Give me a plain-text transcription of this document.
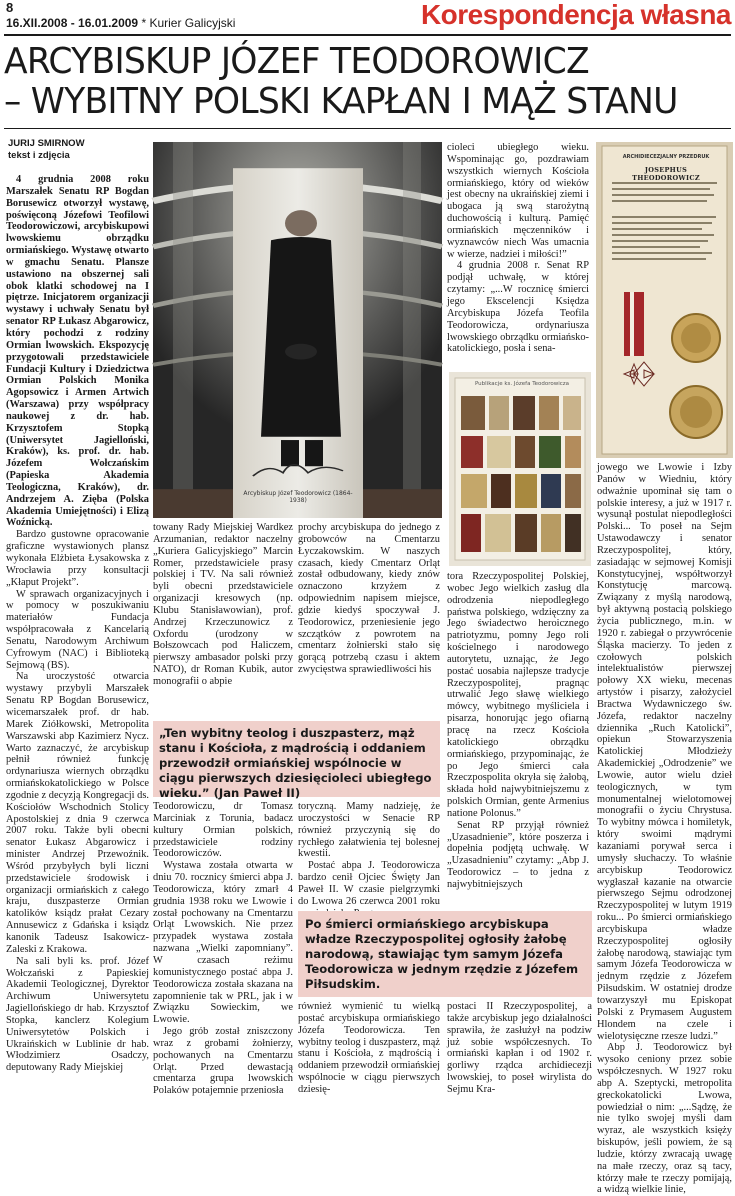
8
16.XII.2008 - 16.01.2009 * Kurier Galicyjski	Korespondencja własna
ARCYBISKUP JÓZEF TEODOROWICZ
– WYBITNY POLSKI KAPŁAN I MĄŻ STANU
JURIJ SMIRNOW
tekst i zdjęcia

4 grudnia 2008 roku Marszałek Senatu RP Bogdan Borusewicz otworzył wystawę, poświęconą Józefowi Teofilowi Teodorowiczowi, arcybiskupowi lwowskiemu obrządku ormiańskiego. Wystawę otwarto w gmachu Senatu. Plansze ustawiono na obszernej sali obok klatki schodowej na I piętrze. Inicjatorem organizacji wystawy i uchwały Senatu był senator RP Łukasz Abgarowicz, który pochodzi z rodziny Ormian lwowskich. Ekspozycję przygotowali przedstawiciele Fundacji Kultury i Dziedzictwa Ormian Polskich Monika Agopsowicz i Armen Artwich (Warszawa) przy współpracy naukowej z dr. hab. Krzysztofem Stopką (Uniwersytet Jagielloński, Kraków), ks. prof. dr. hab. Józefem Wołczańskim (Papieska Akademia Teologiczna, Kraków), dr. Andrzejem A. Zięba (Polska Akademia Umiejętności) i Elizą Woźnicką.

Bardzo gustowne opracowanie graficzne wystawionych plansz wykonała Elżbieta Łysakowska z Wrocławia przy konsultacji „Kłaput Projekt”.

W sprawach organizacyjnych i w pomocy w poszukiwaniu materiałów Fundacja współpracowała z Kancelarią Senatu, Narodowym Archiwum Cyfrowym (NAC) i Biblioteką Sejmową (BS).

Na uroczystość otwarcia wystawy przybyli Marszałek Senatu RP Bogdan Borusewicz, wicemarszałek prof. dr hab. Marek Ziółkowski, Metropolita Warszawski abp Kazimierz Nycz. Warto zaznaczyć, że arcybiskup pełnił również funkcję ordynariusza wiernych obrządku ormiańskokatolickiego w Polsce zgodnie z decyzją Kongregacji ds. Kościołów Wschodnich Stolicy Apostolskiej z dnia 9 czerwca 2007 roku. Także byli obecni senator Łukasz Abgarowicz i minister Andrzej Przewoźnik. Wśród przybyłych byli liczni przedstawiciele środowisk i organizacji ormiańskich z całego kraju, duszpasterze Ormian katolików ksiądz prałat Cezary Annusewicz z Gdańska i ksiądz kanonik Tadeusz Isakowicz-Zaleski z Krakowa.

Na sali byli ks. prof. Józef Wołczański z Papieskiej Akademii Teologicznej, Dyrektor Archiwum Uniwersytetu Jagiellońskiego dr hab. Krzysztof Stopka, kanclerz Kolegium Uniwersytetów Polskich i Ukraińskich w Lublinie dr hab. Włodzimierz Osadczy, deputowany Rady Miejskiej

Arcybiskup Józef Teodorowicz (1864-1938)
„Ten wybitny teolog i duszpasterz, mąż stanu i Kościoła, z mądrością i oddaniem przewodził ormiańskiej wspólnocie w ciągu pierwszych dziesięcioleci ubiegłego wieku.” (Jan Paweł II)

Teodorowiczu, dr Tomasz Marciniak z Torunia, badacz kultury Ormian polskich, przedstawiciele rodziny Teodorowiczów.

Wystawa została otwarta w dniu 70. rocznicy śmierci abpa J. Teodorowicza, który zmarł 4 grudnia 1938 roku we Lwowie i został pochowany na Cmentarzu Orląt Lwowskich. Nie przez przypadek wystawa została nazwana „Wielki zapomniany”. W czasach reżimu komunistycznego postać abpa J. Teodorowicza została skazana na zapomnienie tak w PRL, jak i w Związku Sowieckim, we Lwowie.

Jego grób został zniszczony wraz z grobami żołnierzy, pochowanych na Cmentarzu Orląt. Przed dewastacją cmentarza grupa lwowskich Polaków potajemnie przeniosła

toryczną. Mamy nadzieję, że uroczystości w Senacie RP również przyczynią się do rychłego załatwienia tej bolesnej kwestii.

Postać abpa J. Teodorowicza bardzo cenił Ojciec Święty Jan Paweł II. W czasie pielgrzymki do Lwowa 26 czerwca 2001 roku

Po śmierci ormiańskiego arcybiskupa władze Rzeczypospolitej ogłosiły żałobę narodową, stawiając tym samym Józefa Teodorowicza w jednym rzędzie z Józefem Piłsudskim.

również wymienić tu wielką postać arcybiskupa ormiańskiego Józefa Teodorowicza. Ten wybitny teolog i duszpasterz, mąż stanu i Kościoła, z mądrością i oddaniem przewodził ormiańskiej wspólnocie w ciągu pierwszych dziesię-

cioleci ubiegłego wieku. Wspominając go, pozdrawiam wszystkich wiernych Kościoła ormiańskiego, który od wieków jest obecny na ukraińskiej ziemi i ubogaca ją swą starożytną duchowością i kulturą. Pamięć ormiańskich męczenników i wyznawców niech Was umacnia w wierze, nadziei i miłości!”

4 grudnia 2008 r. Senat RP podjął uchwałę, w której czytamy: „...W rocznicę śmierci jego Ekscelencji Księdza Arcybiskupa Józefa Teofila Teodorowicza, ordynariusza lwowskiego obrządku ormiańsko-katolickiego, posła i sena-

Publikacje ks. Józefa Teodorowicza

tora Rzeczypospolitej Polskiej, wobec Jego wielkich zasług dla odrodzenia niepodległego państwa polskiego, wdzięczny za Jego świadectwo heroicznego patriotyzmu, pomny Jego roli kościelnego i narodowego autorytetu, uznając, że Jego postać uosabia najlepsze tradycje Rzeczypospolitej, pragnąc utrwalić Jego sławę wielkiego mówcy, wybitnego myśliciela i pisarza, honorując jego ofiarną pracę na rzecz Kościoła katolickiego obrządku ormiańskiego, przypominając, że po Jego śmierci cała Rzeczpospolita okryła się żałobą, składa hołd najwybitniejszemu z polskich Ormian, gente Armenius natione Polonus.”

Senat RP przyjął również „Uzasadnienie”, które poszerza i dopełnia podjętą uchwałę. W „Uzasadnieniu” czytamy: „Abp J. Teodorowicz – to jedna z najwybitniejszych

postaci II Rzeczypospolitej, a także arcybiskup jego działalności sprawiła, że zasłużył na podziw już sobie współczesnych. To ormiański kapłan i od 1902 r. gorliwy rządca archidiecezji lwowskiej, to poseł wirylista do Sejmu Kra-

ARCHIDIECEZJALNY PRZEDRUK
JOSEPHUS THEODOROWICZ

jowego we Lwowie i Izby Panów w Wiedniu, który odważnie upominał się tam o polskie interesy, a już w 1917 r. wysunął postulat niepodległości Polski... To poseł na Sejm Ustawodawczy i senator Rzeczypospolitej, który, zasiadając w sejmowej Komisji Konstytucyjnej, współtworzył Konstytucję marcową. Związany z myślą narodową, był aktywną postacią polskiego życia publicznego, m.in. w 1920 r. zabiegał o przywrócenie Śląska macierzy. To jeden z czołowych polskich intelektualistów pierwszej połowy XX wieku, mecenas artystów i pisarzy, założyciel Bractwa Wydawniczego św. Józefa, redaktor naczelny dziennika „Ruch Katolicki”, opiekun Stowarzyszenia Katolickiej Młodzieży Akademickiej „Odrodzenie” we Lwowie, autor wielu dzieł teologicznych, w tym monumentalnej wielotomowej monografii o życiu Chrystusa. To wybitny mówca i homiletyk, który swoimi mądrymi kazaniami porywał serca i umysły słuchaczy. To właśnie arcybiskup Teodorowicz wygłaszał kazanie na otwarcie pierwszego Sejmu odrodzonej Rzeczypospolitej w lutym 1919 roku... Po śmierci ormiańskiego arcybiskupa władze Rzeczypospolitej ogłosiły żałobę narodową, stawiając tym samym Józefa Teodorowicza w jednym rzędzie z Józefem Piłsudskim. W ostatniej drodze towarzyszył mu Episkopat Polski z Prymasem Augustem Hlondem na czele i wielotysięczne rzesze ludzi.”

Abp J. Teodorowicz był wysoko ceniony przez sobie współczesnych. W 1927 roku abp A. Szeptycki, metropolita greckokatolicki Lwowa, powiedział o nim: „...Sądzę, że nie tylko swojej myśli dam wyraz, ale wszystkich księży biskupów, jeśli powiem, że są ludzie, którzy zwracają uwagę na małe rzeczy, oraz są tacy, którzy małe te rzeczy pomijają, a widzą wielkie linie,

towany Rady Miejskiej Wardkez Arzumanian, redaktor naczelny „Kuriera Galicyjskiego” Marcin Romer, przedstawiciele prasy polskiej i TV. Na sali również byli obecni przedstawiciele organizacji kresowych (np. Klubu Stanisławowian), prof. Andrzej Krzeczunowicz z Oxfordu (urodzony w Bołszowcach pod Haliczem, pierwszy ambasador polski przy NATO), dr Roman Kubik, autor monografii o abpie

prochy arcybiskupa do jednego z grobowców na Cmentarzu Łyczakowskim. W naszych czasach, kiedy Cmentarz Orląt został odbudowany, kiedy znów oznaczono krzyżem z odpowiednim napisem miejsce, gdzie kiedyś spoczywał J. Teodorowicz, przeniesienie jego szczątków z powrotem na cmentarz żołnierski stało się gorącą potrzebą czasu i aktem zwycięstwa sprawiedliwości his
